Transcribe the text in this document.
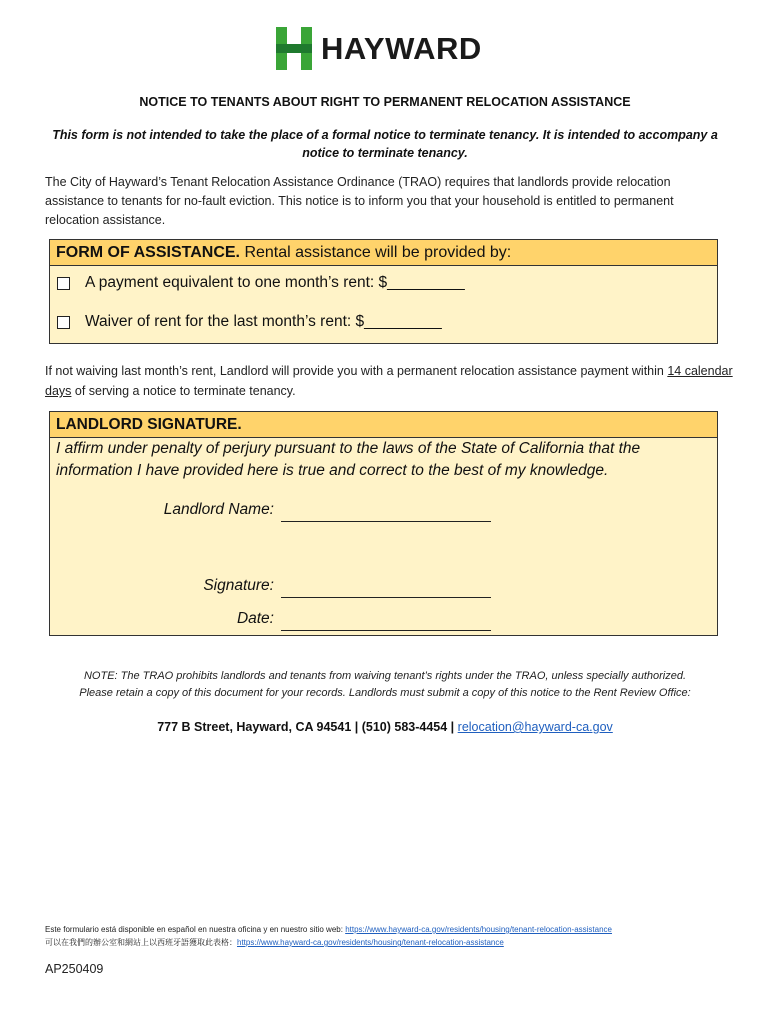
HAYWARD
NOTICE TO TENANTS ABOUT RIGHT TO PERMANENT RELOCATION ASSISTANCE
This form is not intended to take the place of a formal notice to terminate tenancy. It is intended to accompany a notice to terminate tenancy.
The City of Hayward’s Tenant Relocation Assistance Ordinance (TRAO) requires that landlords provide relocation assistance to tenants for no-fault eviction. This notice is to inform you that your household is entitled to permanent relocation assistance.
FORM OF ASSISTANCE. Rental assistance will be provided by:
A payment equivalent to one month’s rent: $_________
Waiver of rent for the last month’s rent: $_________
If not waiving last month’s rent, Landlord will provide you with a permanent relocation assistance payment within 14 calendar days of serving a notice to terminate tenancy.
LANDLORD SIGNATURE.
I affirm under penalty of perjury pursuant to the laws of the State of California that the information I have provided here is true and correct to the best of my knowledge.
Landlord Name:
Signature:
Date:
NOTE: The TRAO prohibits landlords and tenants from waiving tenant’s rights under the TRAO, unless specially authorized. Please retain a copy of this document for your records. Landlords must submit a copy of this notice to the Rent Review Office:
777 B Street, Hayward, CA 94541 | (510) 583-4454 | relocation@hayward-ca.gov
Este formulario está disponible en español en nuestra oficina y en nuestro sitio web: https://www.hayward-ca.gov/residents/housing/tenant-relocation-assistance
可以在我們的辦公室和網站上以西班牙語獲取此表格：https://www.hayward-ca.gov/residents/housing/tenant-relocation-assistance
AP250409
